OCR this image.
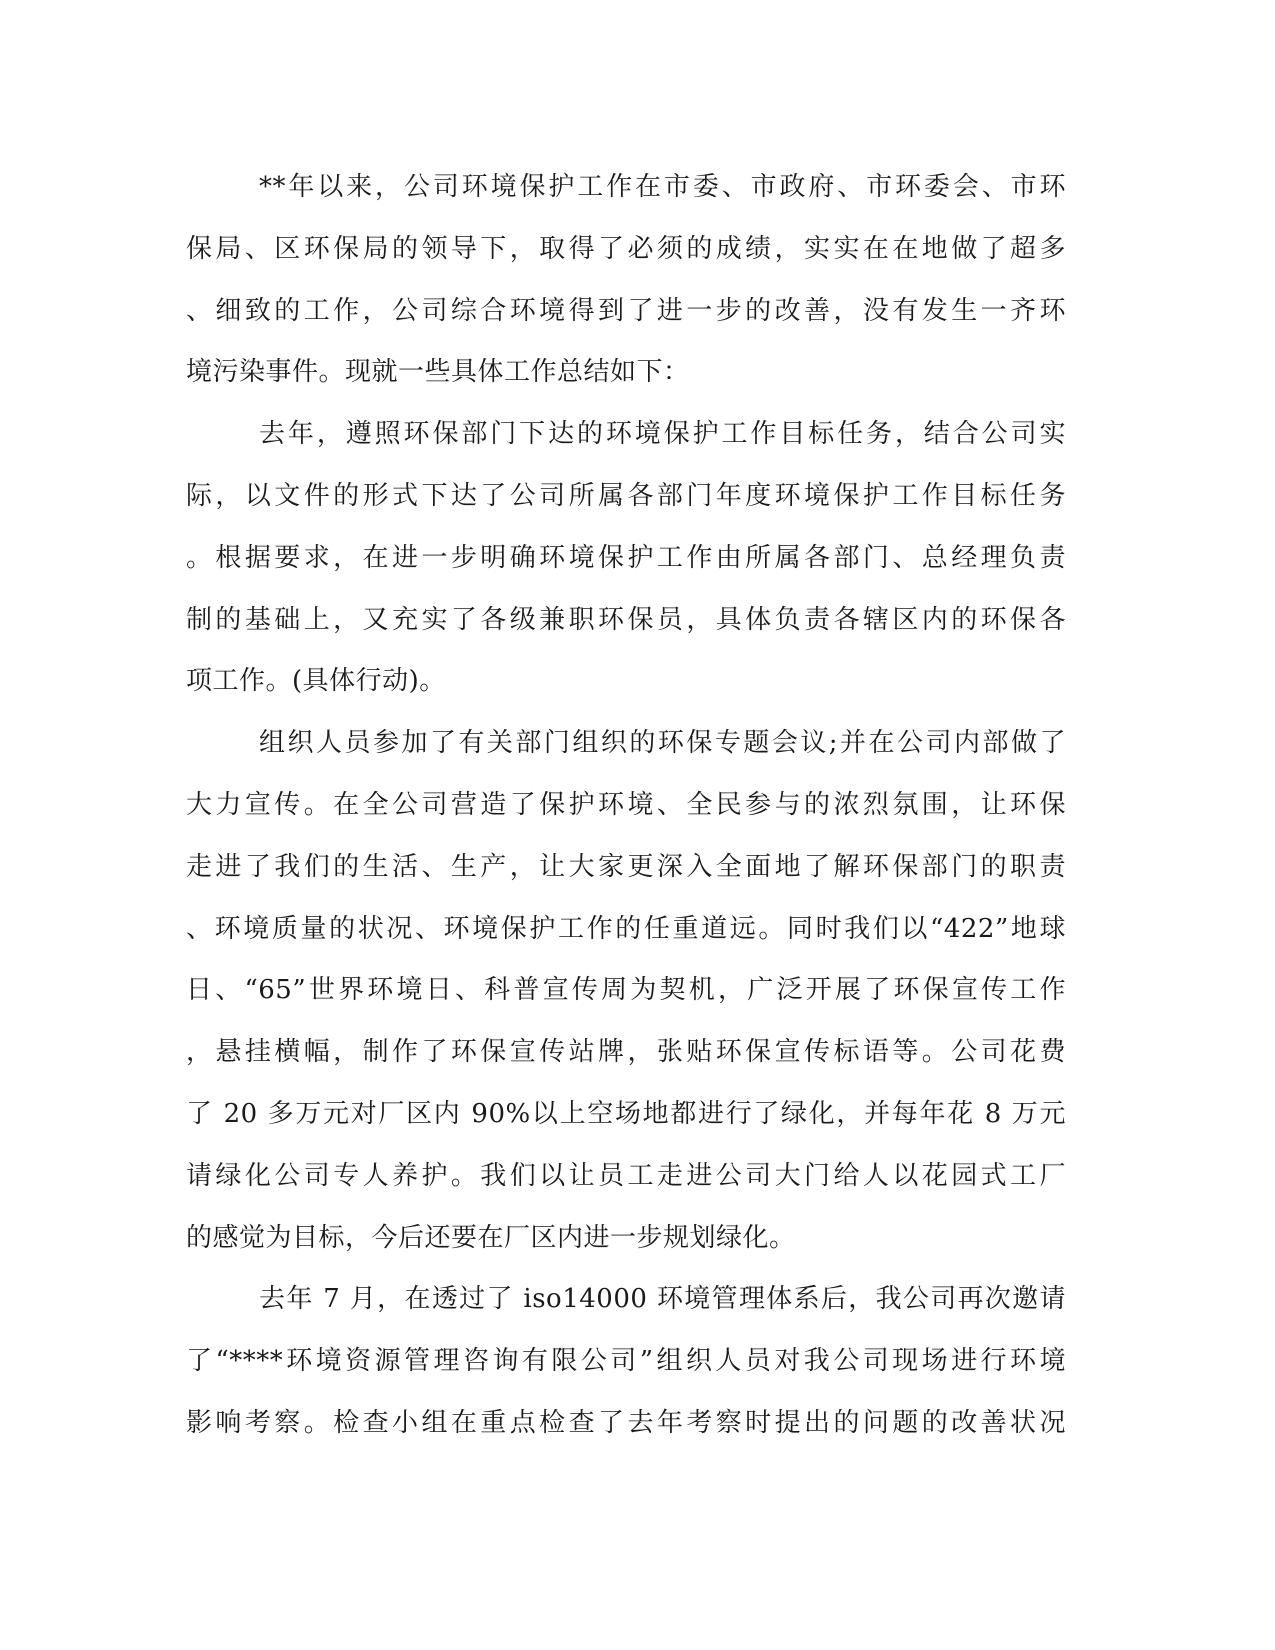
**年以来，公司环境保护工作在市委、市政府、市环委会、市环
保局、区环保局的领导下，取得了必须的成绩，实实在在地做了超多
、细致的工作，公司综合环境得到了进一步的改善，没有发生一齐环
境污染事件。现就一些具体工作总结如下：
去年，遵照环保部门下达的环境保护工作目标任务，结合公司实
际，以文件的形式下达了公司所属各部门年度环境保护工作目标任务
。根据要求，在进一步明确环境保护工作由所属各部门、总经理负责
制的基础上，又充实了各级兼职环保员，具体负责各辖区内的环保各
项工作。(具体行动)。
组织人员参加了有关部门组织的环保专题会议;并在公司内部做了
大力宣传。在全公司营造了保护环境、全民参与的浓烈氛围，让环保
走进了我们的生活、生产，让大家更深入全面地了解环保部门的职责
、环境质量的状况、环境保护工作的任重道远。同时我们以“422”地球
日、“65”世界环境日、科普宣传周为契机，广泛开展了环保宣传工作
，悬挂横幅，制作了环保宣传站牌，张贴环保宣传标语等。公司花费
了 20 多万元对厂区内 90%以上空场地都进行了绿化，并每年花 8 万元
请绿化公司专人养护。我们以让员工走进公司大门给人以花园式工厂
的感觉为目标，今后还要在厂区内进一步规划绿化。
去年 7 月，在透过了 iso14000 环境管理体系后，我公司再次邀请
了“****环境资源管理咨询有限公司”组织人员对我公司现场进行环境
影响考察。检查小组在重点检查了去年考察时提出的问题的改善状况
